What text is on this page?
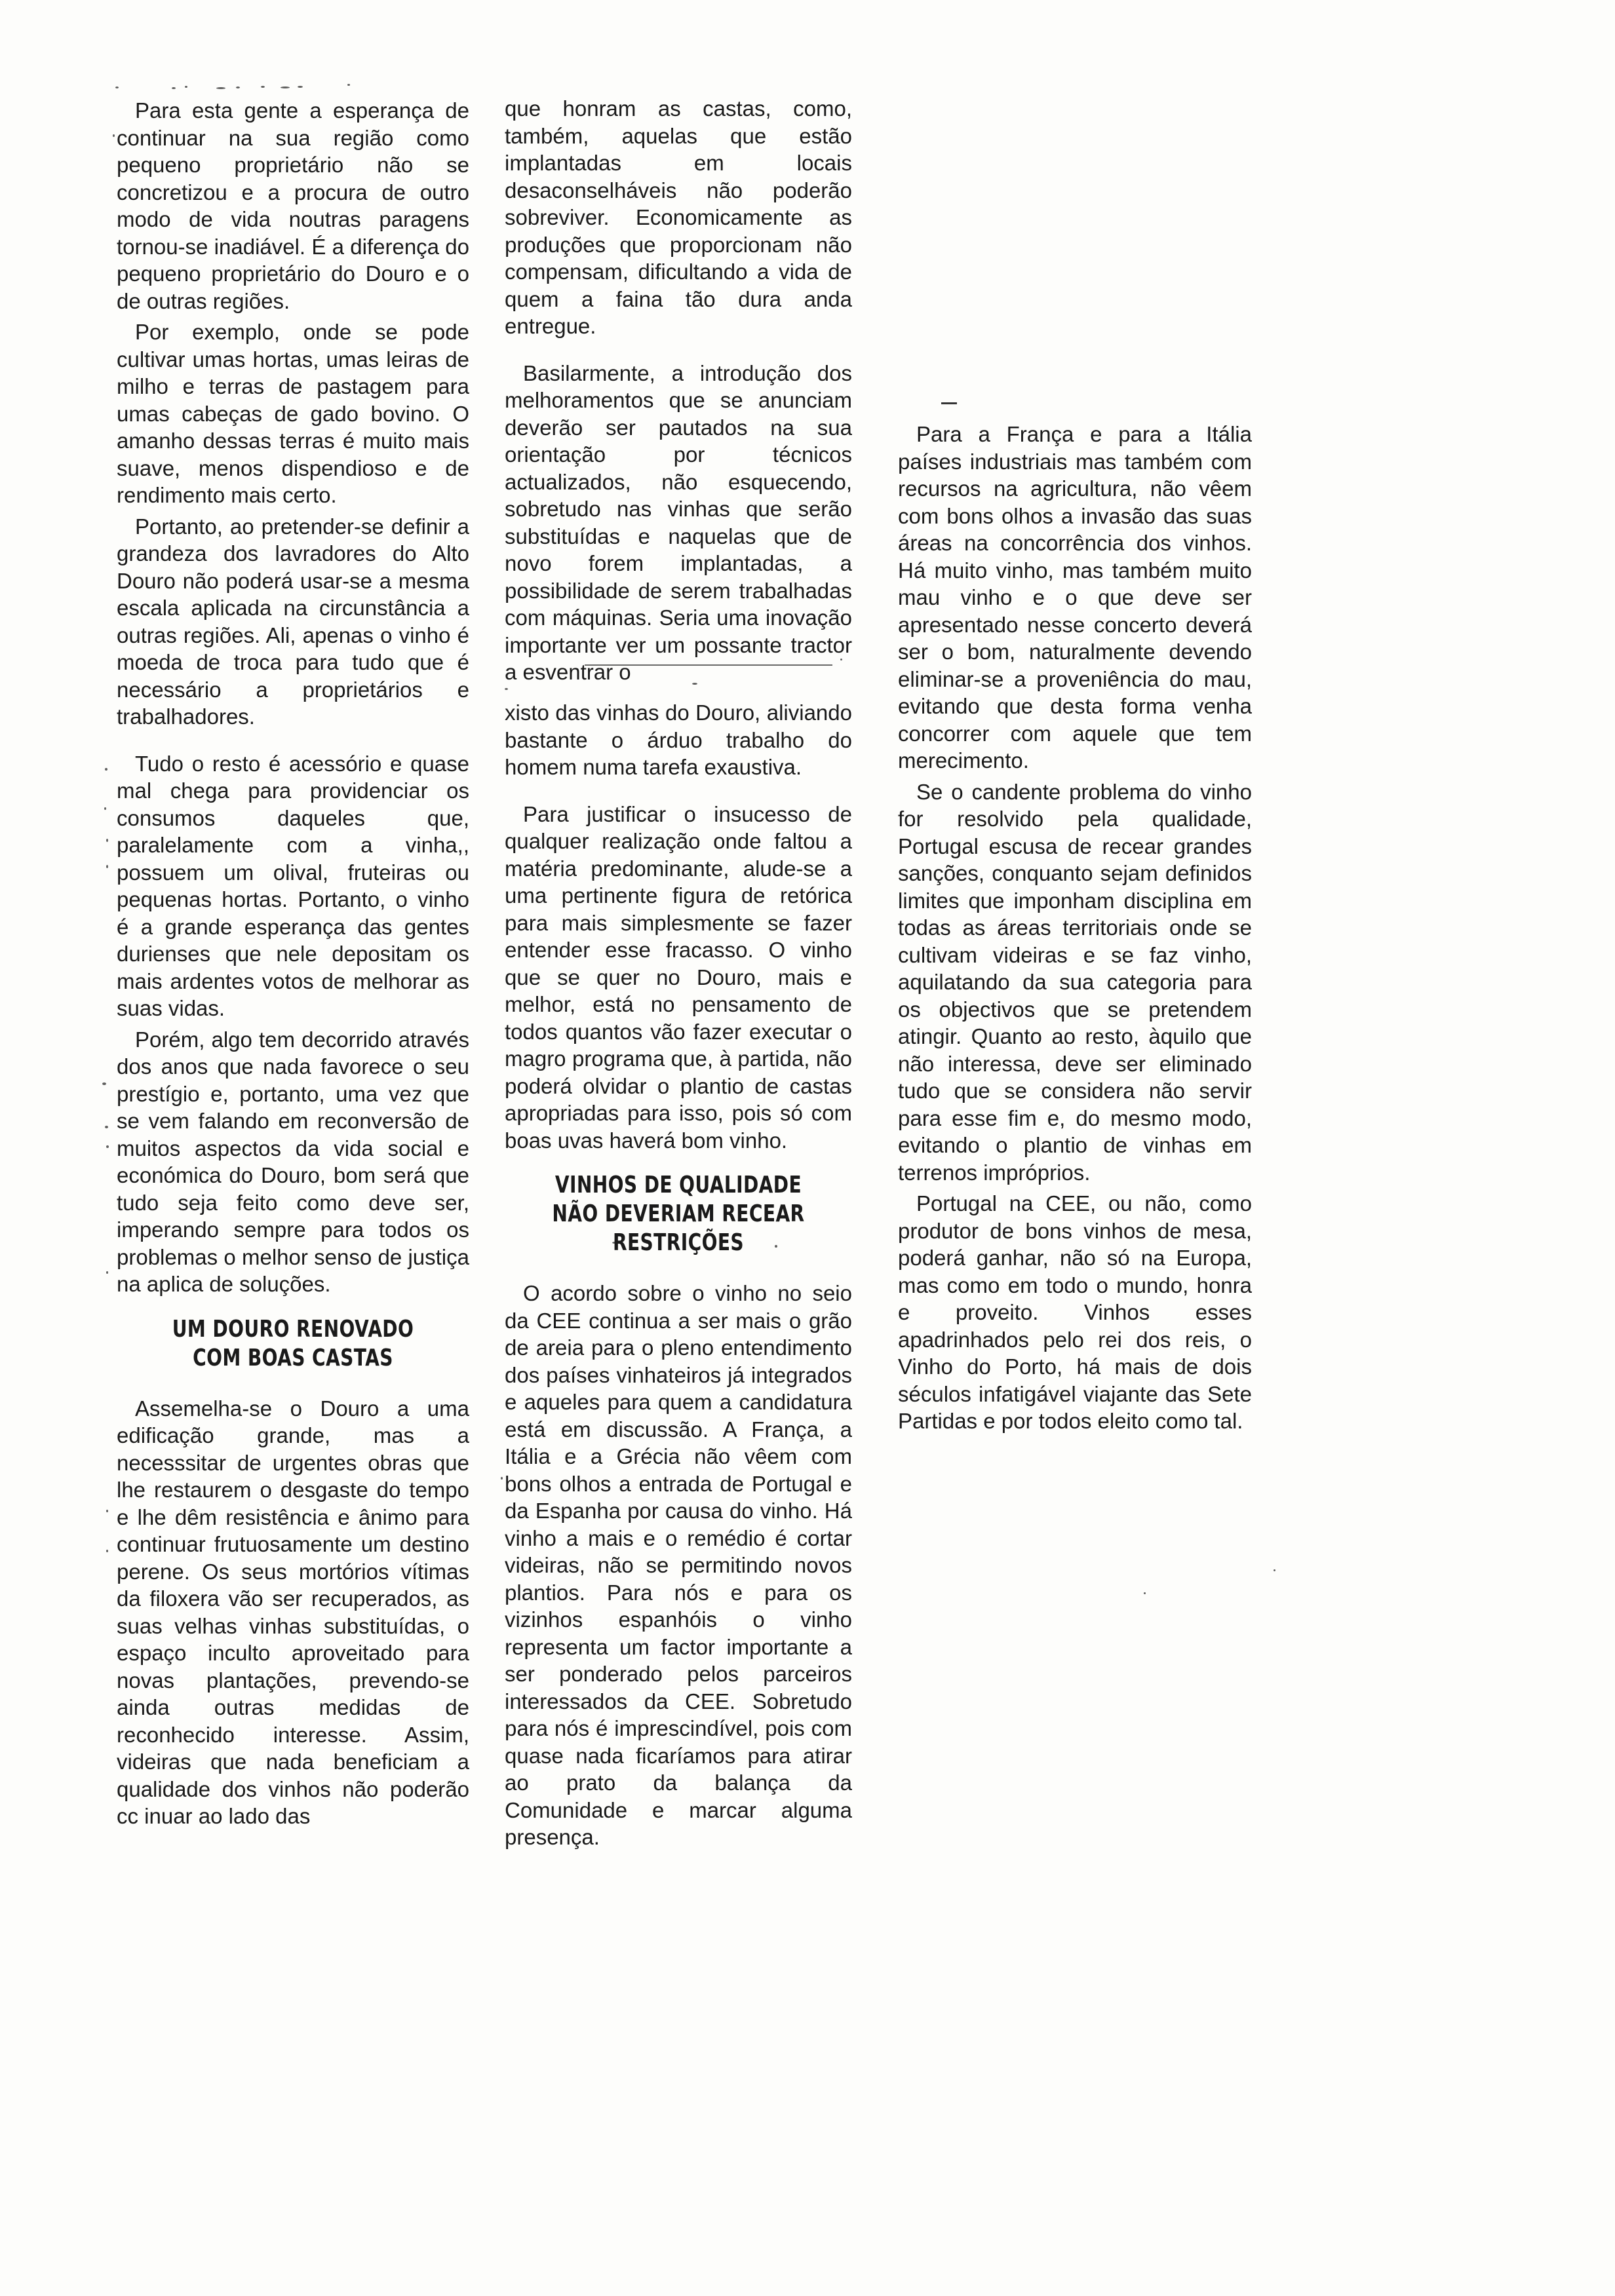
Para esta gente a esperança de continuar na sua região como pequeno proprietário não se concretizou e a procura de outro modo de vida noutras paragens tornou-se inadiável. É a diferença do pequeno proprietário do Douro e o de outras regiões.

Por exemplo, onde se pode cultivar umas hortas, umas leiras de milho e terras de pastagem para umas cabeças de gado bovino. O amanho dessas terras é muito mais suave, menos dispendioso e de rendimento mais certo.

Portanto, ao pretender-se definir a grandeza dos lavradores do Alto Douro não poderá usar-se a mesma escala aplicada na circunstância a outras regiões. Ali, apenas o vinho é moeda de troca para tudo que é necessário a proprietários e trabalhadores.

Tudo o resto é acessório e quase mal chega para providenciar os consumos daqueles que, paralelamente com a vinha,, possuem um olival, fruteiras ou pequenas hortas. Portanto, o vinho é a grande esperança das gentes durienses que nele depositam os mais ardentes votos de melhorar as suas vidas.

Porém, algo tem decorrido através dos anos que nada favorece o seu prestígio e, portanto, uma vez que se vem falando em reconversão de muitos aspectos da vida social e económica do Douro, bom será que tudo seja feito como deve ser, imperando sempre para todos os problemas o melhor senso de justiça na aplica de soluções.

UM DOURO RENOVADO
COM BOAS CASTAS

Assemelha-se o Douro a uma edificação grande, mas a necesssitar de urgentes obras que lhe restaurem o desgaste do tempo e lhe dêm resistência e ânimo para continuar frutuosamente um destino perene. Os seus mortórios vítimas da filoxera vão ser recuperados, as suas velhas vinhas substituídas, o espaço inculto aproveitado para novas plantações, prevendo-se ainda outras medidas de reconhecido interesse. Assim, videiras que nada beneficiam a qualidade dos vinhos não poderão cc inuar ao lado das

que honram as castas, como, também, aquelas que estão implantadas em locais desaconselháveis não poderão sobreviver. Economicamente as produções que proporcionam não compensam, dificultando a vida de quem a faina tão dura anda entregue.

Basilarmente, a introdução dos melhoramentos que se anunciam deverão ser pautados na sua orientação por técnicos actualizados, não esquecendo, sobretudo nas vinhas que serão substituídas e naquelas que de novo forem implantadas, a possibilidade de serem trabalhadas com máquinas. Seria uma inovação importante ver um possante tractor a esventrar o

xisto das vinhas do Douro, aliviando bastante o árduo trabalho do homem numa tarefa exaustiva.

Para justificar o insucesso de qualquer realização onde faltou a matéria predominante, alude-se a uma pertinente figura de retórica para mais simplesmente se fazer entender esse fracasso. O vinho que se quer no Douro, mais e melhor, está no pensamento de todos quantos vão fazer executar o magro programa que, à partida, não poderá olvidar o plantio de castas apropriadas para isso, pois só com boas uvas haverá bom vinho.

VINHOS DE QUALIDADE
NÃO DEVERIAM RECEAR
RESTRIÇÕES

O acordo sobre o vinho no seio da CEE continua a ser mais o grão de areia para o pleno entendimento dos países vinhateiros já integrados e aqueles para quem a candidatura está em discussão. A França, a Itália e a Grécia não vêem com bons olhos a entrada de Portugal e da Espanha por causa do vinho. Há vinho a mais e o remédio é cortar videiras, não se permitindo novos plantios. Para nós e para os vizinhos espanhóis o vinho representa um factor importante a ser ponderado pelos parceiros interessados da CEE. Sobretudo para nós é imprescindível, pois com quase nada ficaríamos para atirar ao prato da balança da Comunidade e marcar alguma presença.

Para a França e para a Itália países industriais mas também com recursos na agricultura, não vêem com bons olhos a invasão das suas áreas na concorrência dos vinhos. Há muito vinho, mas também muito mau vinho e o que deve ser apresentado nesse concerto deverá ser o bom, naturalmente devendo eliminar-se a proveniência do mau, evitando que desta forma venha concorrer com aquele que tem merecimento.

Se o candente problema do vinho for resolvido pela qualidade, Portugal escusa de recear grandes sanções, conquanto sejam definidos limites que imponham disciplina em todas as áreas territoriais onde se cultivam videiras e se faz vinho, aquilatando da sua categoria para os objectivos que se pretendem atingir. Quanto ao resto, àquilo que não interessa, deve ser eliminado tudo que se considera não servir para esse fim e, do mesmo modo, evitando o plantio de vinhas em terrenos impróprios.

Portugal na CEE, ou não, como produtor de bons vinhos de mesa, poderá ganhar, não só na Europa, mas como em todo o mundo, honra e proveito. Vinhos esses apadrinhados pelo rei dos reis, o Vinho do Porto, há mais de dois séculos infatigável viajante das Sete Partidas e por todos eleito como tal.
